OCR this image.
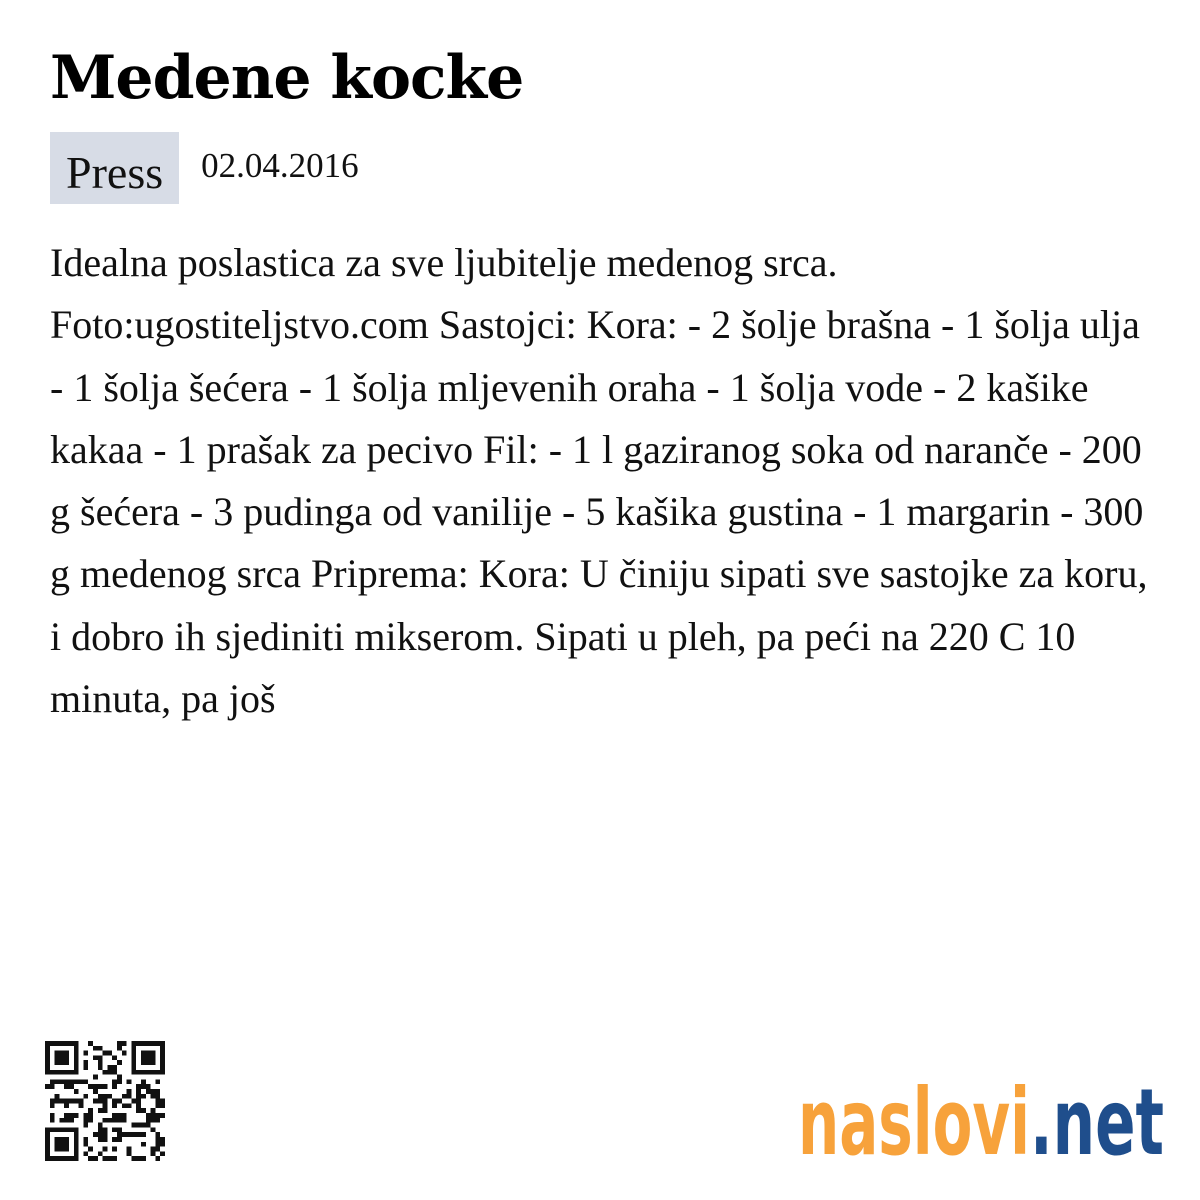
Medene kocke
Press	02.04.2016

Idealna poslastica za sve ljubitelje medenog srca. Foto:ugostiteljstvo.com Sastojci: Kora: - 2 šolje brašna - 1 šolja ulja - 1 šolja šećera - 1 šolja mljevenih oraha - 1 šolja vode - 2 kašike kakaa - 1 prašak za pecivo Fil: - 1 l gaziranog soka od narančе - 200 g šećera - 3 pudinga od vanilije - 5 kašika gustina - 1 margarin - 300 g medenog srca Priprema: Kora: U činiju sipati sve sastojke za koru, i dobro ih sjediniti mikserom. Sipati u pleh, pa peći na 220 C 10 minuta, pa još

naslovi .net
